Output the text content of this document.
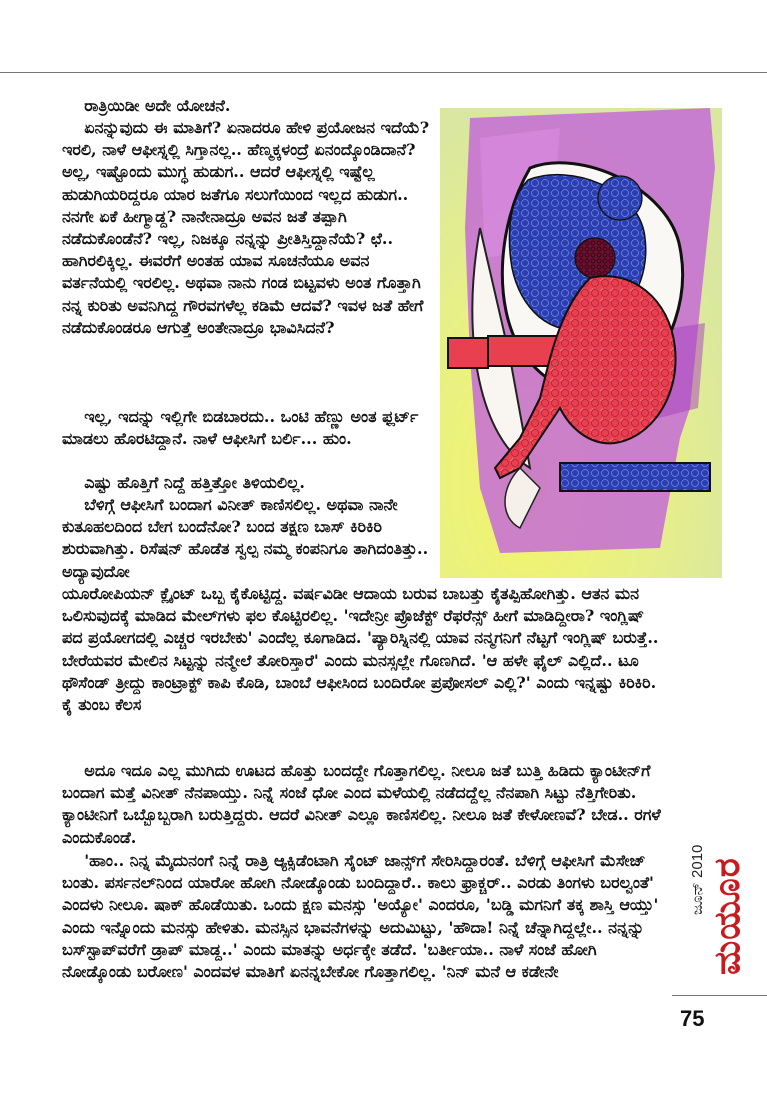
ರಾತ್ರಿಯಿಡೀ ಅದೇ ಯೋಚನೆ.

ಏನನ್ನುವುದು ಈ ಮಾತಿಗೆ? ಏನಾದರೂ ಹೇಳಿ ಪ್ರಯೋಜನ ಇದೆಯೆ? ಇರಲಿ, ನಾಳೆ ಆಫೀಸ್ನಲ್ಲಿ ಸಿಗ್ತಾನಲ್ಲ.. ಹೆಣ್ಮಕ್ಕಳಂದ್ರೆ ಏನಂದ್ಕೊಂಡಿದಾನೆ? ಅಲ್ಲ, ಇಷ್ಟೊಂದು ಮುಗ್ಧ ಹುಡುಗ.. ಆದರೆ ಆಫೀಸ್ನಲ್ಲಿ ಇಷ್ಟೆಲ್ಲ ಹುಡುಗಿಯರಿದ್ದರೂ ಯಾರ ಜತೆಗೂ ಸಲುಗೆಯಿಂದ ಇಲ್ಲದ ಹುಡುಗ.. ನನಗೇ ಏಕೆ ಹೀಗ್ಮಾಡ್ದ? ನಾನೇನಾದ್ರೂ ಅವನ ಜತೆ ತಪ್ಪಾಗಿ ನಡೆದುಕೊಂಡೆನೆ? ಇಲ್ಲ, ನಿಜಕ್ಕೂ ನನ್ನನ್ನು ಪ್ರೀತಿಸ್ತಿದ್ದಾನೆಯೆ? ಛೆ.. ಹಾಗಿರಲಿಕ್ಕಿಲ್ಲ. ಈವರೆಗೆ ಅಂತಹ ಯಾವ ಸೂಚನೆಯೂ ಅವನ ವರ್ತನೆಯಲ್ಲಿ ಇರಲಿಲ್ಲ. ಅಥವಾ ನಾನು ಗಂಡ ಬಿಟ್ಟವಳು ಅಂತ ಗೊತ್ತಾಗಿ ನನ್ನ ಕುರಿತು ಅವನಿಗಿದ್ದ ಗೌರವಗಳೆಲ್ಲ ಕಡಿಮೆ ಆದವೆ? ಇವಳ ಜತೆ ಹೇಗೆ ನಡೆದುಕೊಂಡರೂ ಆಗುತ್ತೆ ಅಂತೇನಾದ್ರೂ ಭಾವಿಸಿದನೆ?

ಇಲ್ಲ, ಇದನ್ನು ಇಲ್ಲಿಗೇ ಬಿಡಬಾರದು.. ಒಂಟಿ ಹೆಣ್ಣು ಅಂತ ಫ್ಲರ್ಟ್ ಮಾಡಲು ಹೊರಟಿದ್ದಾನೆ. ನಾಳೆ ಆಫೀಸಿಗೆ ಬರ್ಲಿ... ಹುಂ.

ಎಷ್ಟು ಹೊತ್ತಿಗೆ ನಿದ್ದೆ ಹತ್ತಿತ್ತೋ ತಿಳಿಯಲಿಲ್ಲ.

ಬೆಳಿಗ್ಗೆ ಆಫೀಸಿಗೆ ಬಂದಾಗ ವಿನೀತ್ ಕಾಣಿಸಲಿಲ್ಲ. ಅಥವಾ ನಾನೇ ಕುತೂಹಲದಿಂದ ಬೇಗ ಬಂದೆನೋ? ಬಂದ ತಕ್ಷಣ ಬಾಸ್ ಕಿರಿಕಿರಿ ಶುರುವಾಗಿತ್ತು. ರಿಸೆಷನ್ ಹೊಡೆತ ಸ್ವಲ್ಪ ನಮ್ಮ ಕಂಪನಿಗೂ ತಾಗಿದಂತಿತ್ತು.. ಅದ್ಯಾವುದೋ

ಯೂರೋಪಿಯನ್ ಕ್ಲೈಂಟ್ ಒಬ್ಬ ಕೈಕೊಟ್ಟಿದ್ದ. ವರ್ಷವಿಡೀ ಆದಾಯ ಬರುವ ಬಾಬತ್ತು ಕೈತಪ್ಪಿಹೋಗಿತ್ತು. ಆತನ ಮನ ಒಲಿಸುವುದಕ್ಕೆ ಮಾಡಿದ ಮೇಲ್‌ಗಳು ಫಲ ಕೊಟ್ಟಿರಲಿಲ್ಲ. 'ಇದೇನ್ರೀ ಪ್ರೊಜೆಕ್ಟ್ ರೆಫರೆನ್ಸ್ ಹೀಗೆ ಮಾಡಿದ್ದೀರಾ? ಇಂಗ್ಲಿಷ್ ಪದ ಪ್ರಯೋಗದಲ್ಲಿ ಎಚ್ಚರ ಇರಬೇಕು' ಎಂದೆಲ್ಲ ಕೂಗಾಡಿದ. 'ಪ್ಯಾರಿಸ್ನಿನಲ್ಲಿ ಯಾವ ನನ್ಮಗನಿಗೆ ನೆಟ್ಟಗೆ ಇಂಗ್ಲಿಷ್ ಬರುತ್ತೆ.. ಬೇರೆಯವರ ಮೇಲಿನ ಸಿಟ್ಟನ್ನು ನನ್ಮೇಲೆ ತೋರಿಸ್ತಾರೆ' ಎಂದು ಮನಸ್ಸಲ್ಲೇ ಗೊಣಗಿದೆ. 'ಆ ಹಳೇ ಫೈಲ್ ಎಲ್ಲಿದೆ.. ಟೂ ಥೌಸೆಂಡ್ ತ್ರೀದ್ದು ಕಾಂಟ್ರಾಕ್ಟ್ ಕಾಪಿ ಕೊಡಿ, ಬಾಂಬೆ ಆಫೀಸಿಂದ ಬಂದಿರೋ ಪ್ರಪೋಸಲ್ ಎಲ್ಲಿ?' ಎಂದು ಇನ್ನಷ್ಟು ಕಿರಿಕಿರಿ. ಕೈ ತುಂಬ ಕೆಲಸ

ಅದೂ ಇದೂ ಎಲ್ಲ ಮುಗಿದು ಊಟದ ಹೊತ್ತು ಬಂದದ್ದೇ ಗೊತ್ತಾಗಲಿಲ್ಲ. ನೀಲೂ ಜತೆ ಬುತ್ತಿ ಹಿಡಿದು ಕ್ಯಾಂಟೀನ್‌ಗೆ ಬಂದಾಗ ಮತ್ತೆ ವಿನೀತ್ ನೆನಪಾಯ್ತು. ನಿನ್ನೆ ಸಂಜೆ ಧೋ ಎಂದ ಮಳೆಯಲ್ಲಿ ನಡೆದದ್ದೆಲ್ಲ ನೆನಪಾಗಿ ಸಿಟ್ಟು ನೆತ್ತಿಗೇರಿತು. ಕ್ಯಾಂಟೀನಿಗೆ ಒಬ್ಬೊಬ್ಬರಾಗಿ ಬರುತ್ತಿದ್ದರು. ಆದರೆ ವಿನೀತ್ ಎಲ್ಲೂ ಕಾಣಿಸಲಿಲ್ಲ. ನೀಲೂ ಜತೆ ಕೇಳೋಣವೆ? ಬೇಡ.. ರಗಳೆ ಎಂದುಕೊಂಡೆ.

'ಹಾಂ.. ನಿನ್ನ ಮೈದುನಂಗೆ ನಿನ್ನೆ ರಾತ್ರಿ ಆ್ಯಕ್ಸಿಡೆಂಟಾಗಿ ಸೈಂಟ್ ಜಾನ್ಸ್‌ಗೆ ಸೇರಿಸಿದ್ದಾರಂತೆ. ಬೆಳಿಗ್ಗೆ ಆಫೀಸಿಗೆ ಮೆಸೇಜ್ ಬಂತು. ಪರ್ಸನಲ್‌ನಿಂದ ಯಾರೋ ಹೋಗಿ ನೋಡ್ಕೊಂಡು ಬಂದಿದ್ದಾರೆ.. ಕಾಲು ಫ್ರಾಕ್ಚರ್.. ಎರಡು ತಿಂಗಳು ಬರಲ್ವಂತೆ' ಎಂದಳು ನೀಲೂ. ಷಾಕ್ ಹೊಡೆಯಿತು. ಒಂದು ಕ್ಷಣ ಮನಸ್ಸು 'ಅಯ್ಯೋ' ಎಂದರೂ, 'ಬಡ್ಡಿ ಮಗನಿಗೆ ತಕ್ಕ ಶಾಸ್ತಿ ಆಯ್ತು' ಎಂದು ಇನ್ನೊಂದು ಮನಸ್ಸು ಹೇಳಿತು. ಮನಸ್ಸಿನ ಭಾವನೆಗಳನ್ನು ಅದುಮಿಟ್ಟು, 'ಹೌದಾ! ನಿನ್ನೆ ಚೆನ್ನಾಗಿದ್ದಲ್ಲೇ.. ನನ್ನನ್ನು ಬಸ್‌ಸ್ಟಾಪ್‌ವರೆಗೆ ಡ್ರಾಪ್ ಮಾಡ್ದ..' ಎಂದು ಮಾತನ್ನು ಅರ್ಧಕ್ಕೇ ತಡೆದೆ. 'ಬರ್ತೀಯಾ.. ನಾಳೆ ಸಂಜೆ ಹೋಗಿ ನೋಡ್ಕೊಂಡು ಬರೋಣ' ಎಂದವಳ ಮಾತಿಗೆ ಏನನ್ನಬೇಕೋ ಗೊತ್ತಾಗಲಿಲ್ಲ. 'ನಿನ್ ಮನೆ ಆ ಕಡೇನೇ

ಜೂನ್ 2010 ಮಯೂರ
75
